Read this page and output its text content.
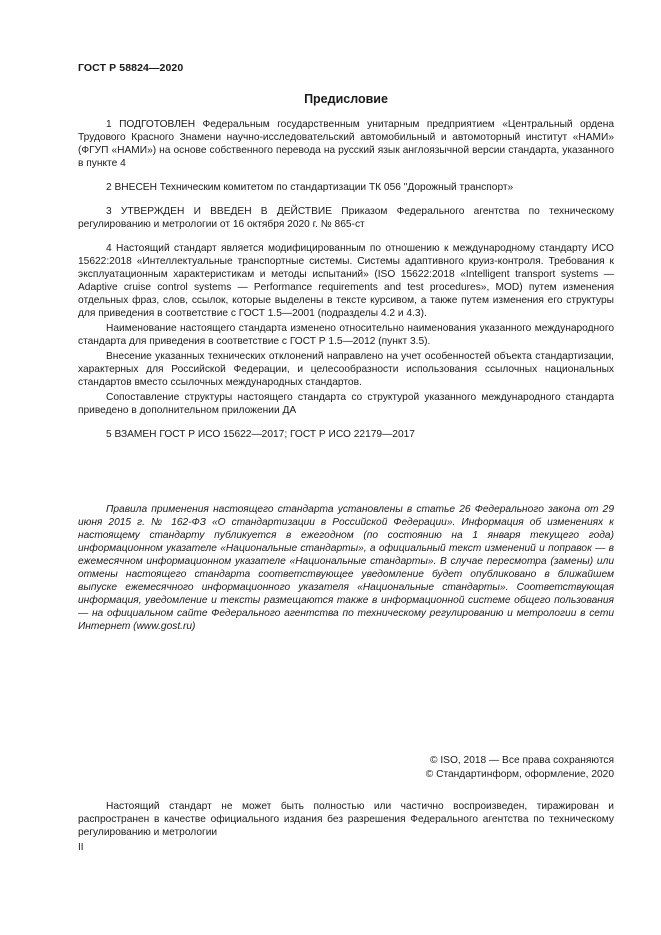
ГОСТ Р 58824—2020
Предисловие

1 ПОДГОТОВЛЕН Федеральным государственным унитарным предприятием «Центральный ордена Трудового Красного Знамени научно-исследовательский автомобильный и автомоторный институт «НАМИ» (ФГУП «НАМИ») на основе собственного перевода на русский язык англоязычной версии стандарта, указанного в пункте 4

2 ВНЕСЕН Техническим комитетом по стандартизации ТК 056 "Дорожный транспорт»

3 УТВЕРЖДЕН И ВВЕДЕН В ДЕЙСТВИЕ Приказом Федерального агентства по техническому регулированию и метрологии от 16 октября 2020 г. № 865-ст

4 Настоящий стандарт является модифицированным по отношению к международному стандарту ИСО 15622:2018 «Интеллектуальные транспортные системы. Системы адаптивного круиз-контроля. Требования к эксплуатационным характеристикам и методы испытаний» (ISO 15622:2018 «Intelligent transport systems — Adaptive cruise control systems — Performance requirements and test procedures», MOD) путем изменения отдельных фраз, слов, ссылок, которые выделены в тексте курсивом, а также путем изменения его структуры для приведения в соответствие с ГОСТ 1.5—2001 (подразделы 4.2 и 4.3).

Наименование настоящего стандарта изменено относительно наименования указанного международного стандарта для приведения в соответствие с ГОСТ Р 1.5—2012 (пункт 3.5).

Внесение указанных технических отклонений направлено на учет особенностей объекта стандартизации, характерных для Российской Федерации, и целесообразности использования ссылочных национальных стандартов вместо ссылочных международных стандартов.

Сопоставление структуры настоящего стандарта со структурой указанного международного стандарта приведено в дополнительном приложении ДА

5 ВЗАМЕН ГОСТ Р ИСО 15622—2017; ГОСТ Р ИСО 22179—2017

Правила применения настоящего стандарта установлены в статье 26 Федерального закона от 29 июня 2015 г. № 162-ФЗ «О стандартизации в Российской Федерации». Информация об изменениях к настоящему стандарту публикуется в ежегодном (по состоянию на 1 января текущего года) информационном указателе «Национальные стандарты», а официальный текст изменений и поправок — в ежемесячном информационном указателе «Национальные стандарты». В случае пересмотра (замены) или отмены настоящего стандарта соответствующее уведомление будет опубликовано в ближайшем выпуске ежемесячного информационного указателя «Национальные стандарты». Соответствующая информация, уведомление и тексты размещаются также в информационной системе общего пользования — на официальном сайте Федерального агентства по техническому регулированию и метрологии в сети Интернет (www.gost.ru)

© ISO, 2018 — Все права сохраняются
© Стандартинформ, оформление, 2020

Настоящий стандарт не может быть полностью или частично воспроизведен, тиражирован и распространен в качестве официального издания без разрешения Федерального агентства по техническому регулированию и метрологии

II
